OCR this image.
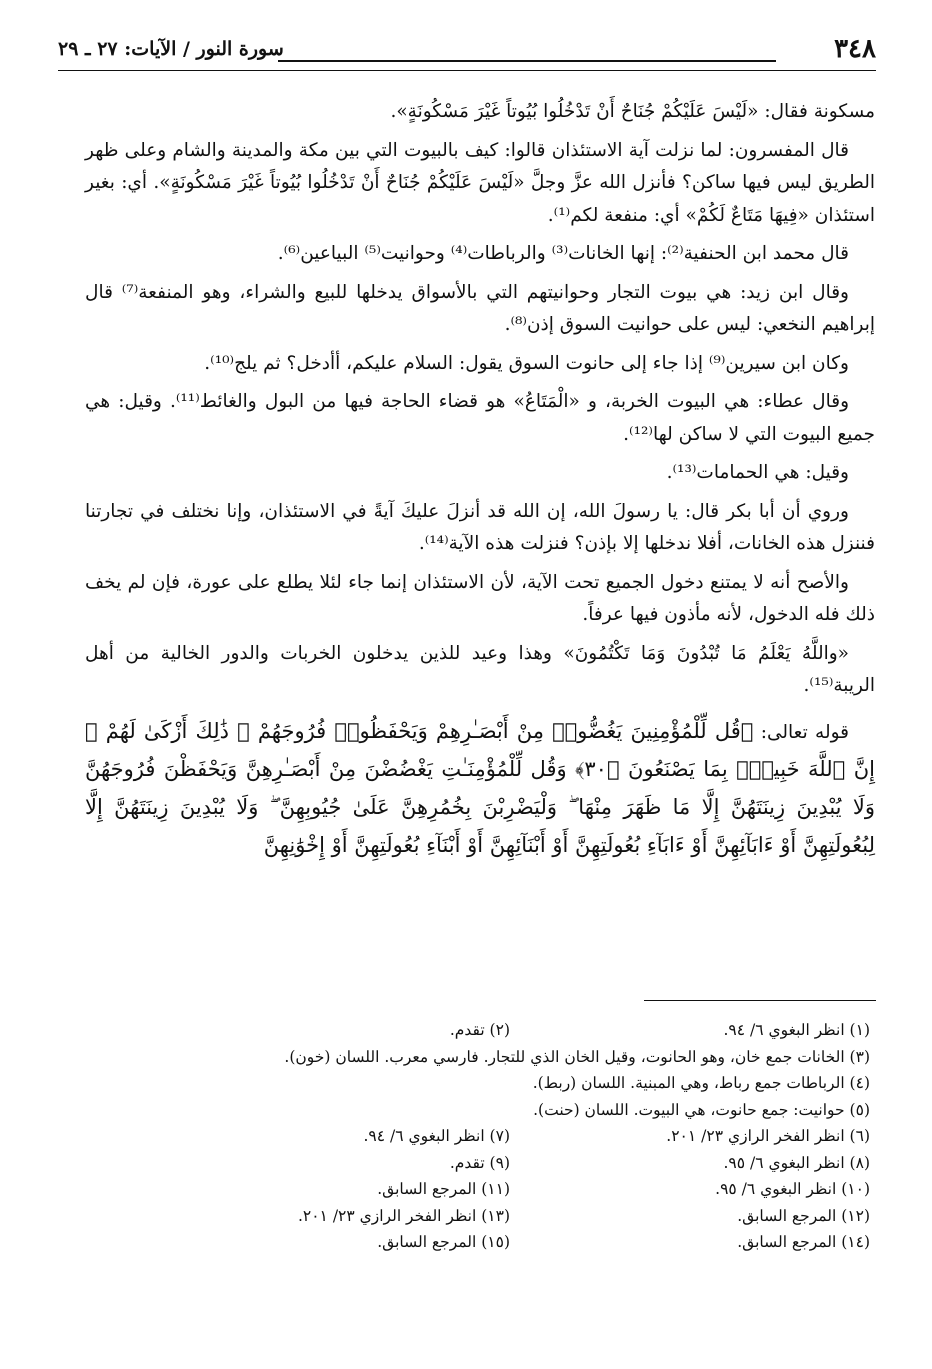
٣٤٨
سورة النور / الآيات: ٢٧ ـ ٢٩

مسكونة فقال: «لَيْسَ عَلَيْكُمْ جُنَاحٌ أَنْ تَدْخُلُوا بُيُوتاً غَيْرَ مَسْكُونَةٍ».

قال المفسرون: لما نزلت آية الاستئذان قالوا: كيف بالبيوت التي بين مكة والمدينة والشام وعلى ظهر الطريق ليس فيها ساكن؟ فأنزل الله عزَّ وجلَّ «لَيْسَ عَلَيْكُمْ جُنَاحٌ أَنْ تَدْخُلُوا بُيُوتاً غَيْرَ مَسْكُونَةٍ». أي: بغير استئذان «فِيهَا مَتَاعٌ لَكُمْ» أي: منفعة لكم⁽¹⁾.

قال محمد ابن الحنفية⁽²⁾: إنها الخانات⁽³⁾ والرباطات⁽⁴⁾ وحوانيت⁽⁵⁾ البياعين⁽⁶⁾.

وقال ابن زيد: هي بيوت التجار وحوانيتهم التي بالأسواق يدخلها للبيع والشراء، وهو المنفعة⁽⁷⁾ قال إبراهيم النخعي: ليس على حوانيت السوق إذن⁽⁸⁾.

وكان ابن سيرين⁽⁹⁾ إذا جاء إلى حانوت السوق يقول: السلام عليكم، أأدخل؟ ثم يلج⁽¹⁰⁾.

وقال عطاء: هي البيوت الخربة، و «الْمَتَاعُ» هو قضاء الحاجة فيها من البول والغائط⁽¹¹⁾. وقيل: هي جميع البيوت التي لا ساكن لها⁽¹²⁾.

وقيل: هي الحمامات⁽¹³⁾.

وروي أن أبا بكر قال: يا رسولَ الله، إن الله قد أنزلَ عليكَ آيةً في الاستئذان، وإنا نختلف في تجارتنا فننزل هذه الخانات، أفلا ندخلها إلا بإذن؟ فنزلت هذه الآية⁽¹⁴⁾.

والأصح أنه لا يمتنع دخول الجميع تحت الآية، لأن الاستئذان إنما جاء لئلا يطلع على عورة، فإن لم يخف ذلك فله الدخول، لأنه مأذون فيها عرفاً.

«واللَّهُ يَعْلَمُ مَا تُبْدُونَ وَمَا تَكْتُمُونَ» وهذا وعيد للذين يدخلون الخربات والدور الخالية من أهل الريبة⁽¹⁵⁾.

قوله تعالى: ﴿قُل لِّلْمُؤْمِنِينَ يَغُضُّوا۟ مِنْ أَبْصَـٰرِهِمْ وَيَحْفَظُوا۟ فُرُوجَهُمْ ۚ ذَٰلِكَ أَزْكَىٰ لَهُمْ ۗ إِنَّ ٱللَّهَ خَبِيرٌۢ بِمَا يَصْنَعُونَ ﴿٣٠﴾ وَقُل لِّلْمُؤْمِنَـٰتِ يَغْضُضْنَ مِنْ أَبْصَـٰرِهِنَّ وَيَحْفَظْنَ فُرُوجَهُنَّ وَلَا يُبْدِينَ زِينَتَهُنَّ إِلَّا مَا ظَهَرَ مِنْهَا ۖ وَلْيَضْرِبْنَ بِخُمُرِهِنَّ عَلَىٰ جُيُوبِهِنَّ ۖ وَلَا يُبْدِينَ زِينَتَهُنَّ إِلَّا لِبُعُولَتِهِنَّ أَوْ ءَابَآئِهِنَّ أَوْ ءَابَآءِ بُعُولَتِهِنَّ أَوْ أَبْنَآئِهِنَّ أَوْ أَبْنَآءِ بُعُولَتِهِنَّ أَوْ إِخْوَٰنِهِنَّ

(١) انظر البغوي ٦/ ٩٤.
(٢) تقدم.
(٣) الخانات جمع خان، وهو الحانوت، وقيل الخان الذي للتجار. فارسي معرب. اللسان (خون).
(٤) الرباطات جمع رباط، وهي المبنية. اللسان (ربط).
(٥) حوانيت: جمع حانوت، هي البيوت. اللسان (حنت).
(٦) انظر الفخر الرازي ٢٣/ ٢٠١.
(٧) انظر البغوي ٦/ ٩٤.
(٨) انظر البغوي ٦/ ٩٥.
(٩) تقدم.
(١٠) انظر البغوي ٦/ ٩٥.
(١١) المرجع السابق.
(١٢) المرجع السابق.
(١٣) انظر الفخر الرازي ٢٣/ ٢٠١.
(١٤) المرجع السابق.
(١٥) المرجع السابق.
